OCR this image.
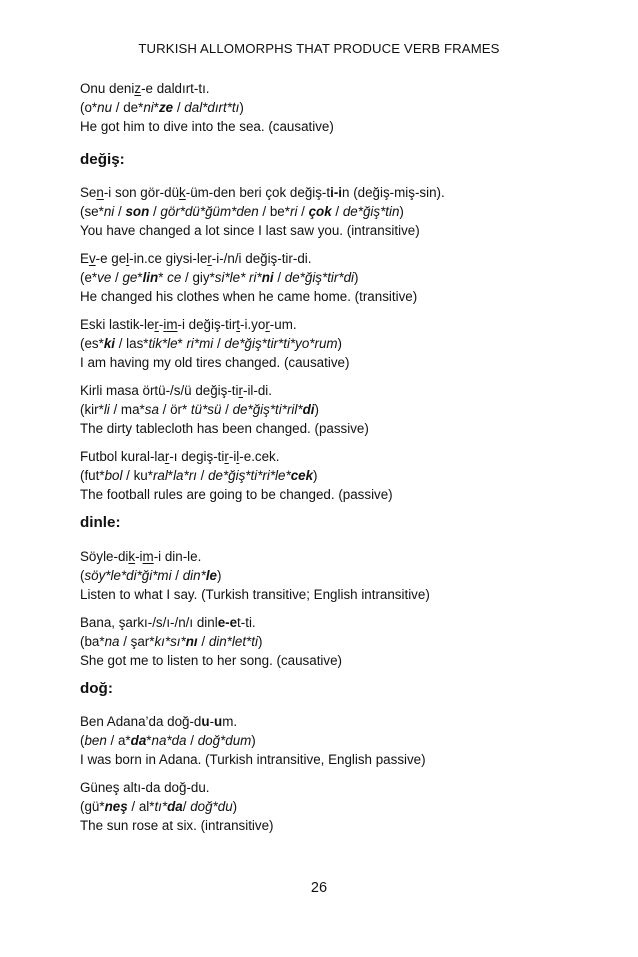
TURKISH ALLOMORPHS THAT PRODUCE VERB FRAMES
Onu deniz-e daldırt-tı.
(o*nu / de*ni*ze / dal*dırt*tı)
He got him to dive into the sea. (causative)
değiş:
Sen-i son gör-dük-üm-den beri çok değiş-ti-in (değiş-miş-sin).
(se*ni / son / gör*dü*ğüm*den / be*ri / çok / de*ğiş*tin)
You have changed a lot since I last saw you. (intransitive)
Ev-e gel-in.ce giysi-ler-i-/n/i değiş-tir-di.
(e*ve / ge*lin* ce / giy*si*le* ri*ni / de*ğiş*tir*di)
He changed his clothes when he came home. (transitive)
Eski lastik-ler-im-i değiş-tirt-i.yor-um.
(es*ki / las*tik*le* ri*mi / de*ğiş*tir*ti*yo*rum)
I am having my old tires changed. (causative)
Kirli masa örtü-/s/ü değiş-tir-il-di.
(kir*li / ma*sa / ör* tü*sü / de*ğiş*ti*ril*di)
The dirty tablecloth has been changed. (passive)
Futbol kural-lar-ı degiş-tir-il-e.cek.
(fut*bol / ku*ral*la*rı / de*ğiş*ti*ri*le*cek)
The football rules are going to be changed. (passive)
dinle:
Söyle-dik-im-i din-le.
(söy*le*di*ği*mi / din*le)
Listen to what I say. (Turkish transitive; English intransitive)
Bana, şarkı-/s/ı-/n/ı dinle-et-ti.
(ba*na / şar*kı*sı*nı / din*let*ti)
She got me to listen to her song. (causative)
doğ:
Ben Adana’da doğ-du-um.
(ben / a*da*na*da / doğ*dum)
I was born in Adana. (Turkish intransitive, English passive)
Güneş altı-da doğ-du.
(gü*neş / al*tı*da/ doğ*du)
The sun rose at six. (intransitive)
26
